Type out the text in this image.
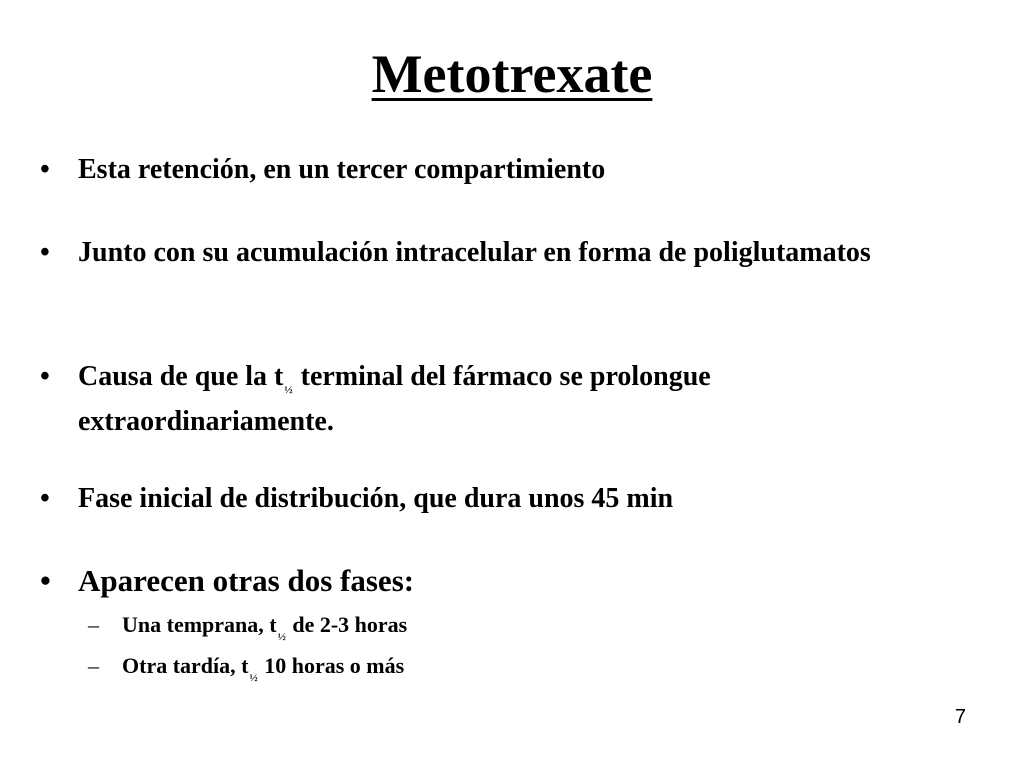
Metotrexate
•	Esta retención, en un tercer compartimiento
•	Junto con su acumulación intracelular en forma de poliglutamatos
•	Causa de que la $t_{\frac{1}{2}}$ terminal del fármaco se prolongue extraordinariamente.
•	Fase inicial de distribución, que dura unos 45 min
• Aparecen otras dos fases:
–	Una temprana, $t_{\frac{1}{2}}$ de 2-3 horas
–	Otra tardía, $t_{\frac{1}{2}}$ 10 horas o más
7
